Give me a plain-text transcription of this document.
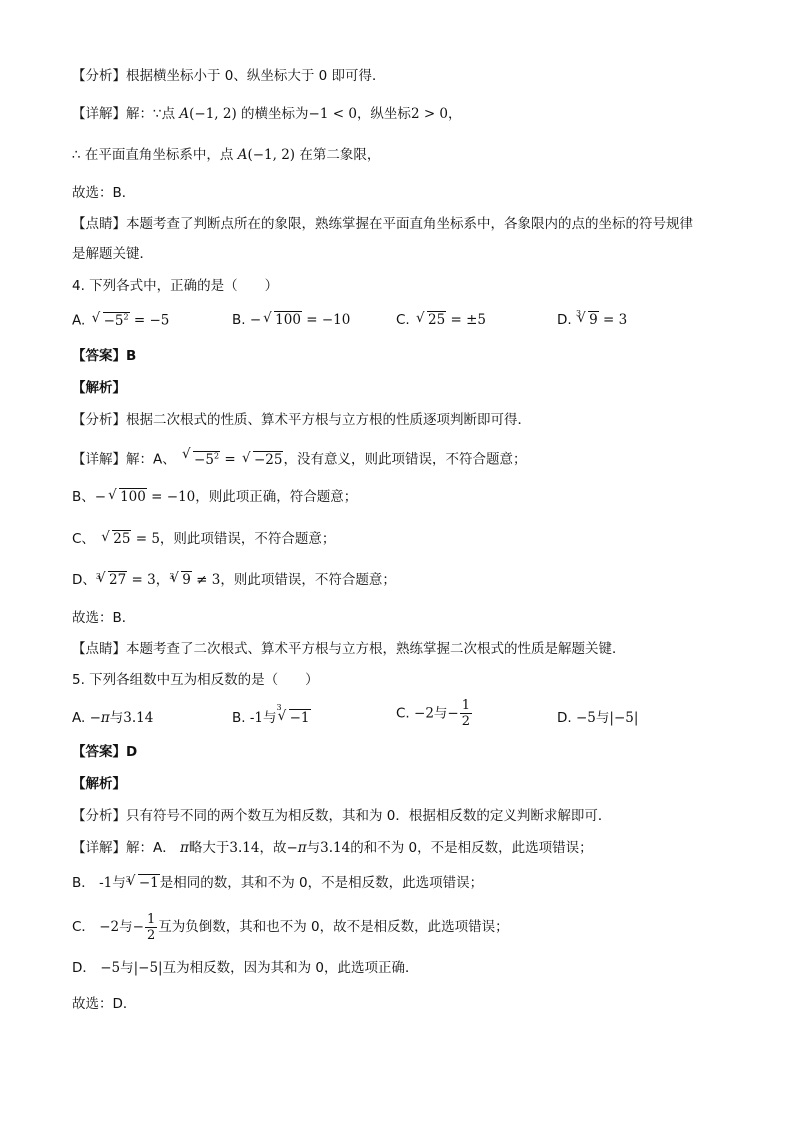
【分析】根据横坐标小于 0、纵坐标大于 0 即可得．
【详解】解：∵点 A(−1, 2) 的横坐标为−1 < 0，纵坐标2 > 0，
∴ 在平面直角坐标系中，点 A(−1, 2) 在第二象限，
故选：B．
【点睛】本题考查了判断点所在的象限，熟练掌握在平面直角坐标系中，各象限内的点的坐标的符号规律
是解题关键．
4. 下列各式中，正确的是（　　）
A. √ $-5^2 = -5$	B. − √ 100 = −10	C. √ 25 = ±5	D. $^3$ √ 9 = 3
【答案】B
【解析】
【分析】根据二次根式的性质、算术平方根与立方根的性质逐项判断即可得．
【详解】解：A、 √ $-5^2$ = √ −25，没有意义，则此项错误，不符合题意；
B、− √ 100 = −10，则此项正确，符合题意；
C、 √ 25 = 5，则此项错误，不符合题意；
D、$^3$ √ 27 = 3，$^3$ √ 9 ≠ 3，则此项错误，不符合题意；
故选：B．
【点睛】本题考查了二次根式、算术平方根与立方根，熟练掌握二次根式的性质是解题关键．
5. 下列各组数中互为相反数的是（　　）
A. −π与3.14	B. -1与$^3$√ −1	C. −2与− $\frac{1}{2}$	D. −5与|−5|
【答案】D
【解析】
【分析】只有符号不同的两个数互为相反数，其和为 0．根据相反数的定义判断求解即可．
【详解】解：A． π略大于3.14，故−π与3.14的和不为 0，不是相反数，此选项错误；
B． -1与$^3$ √ −1是相同的数，其和不为 0，不是相反数，此选项错误；
C． −2与− $\frac{1}{2}$ 互为负倒数，其和也不为 0，故不是相反数，此选项错误；
D． −5与|−5|互为相反数，因为其和为 0，此选项正确．
故选：D．
